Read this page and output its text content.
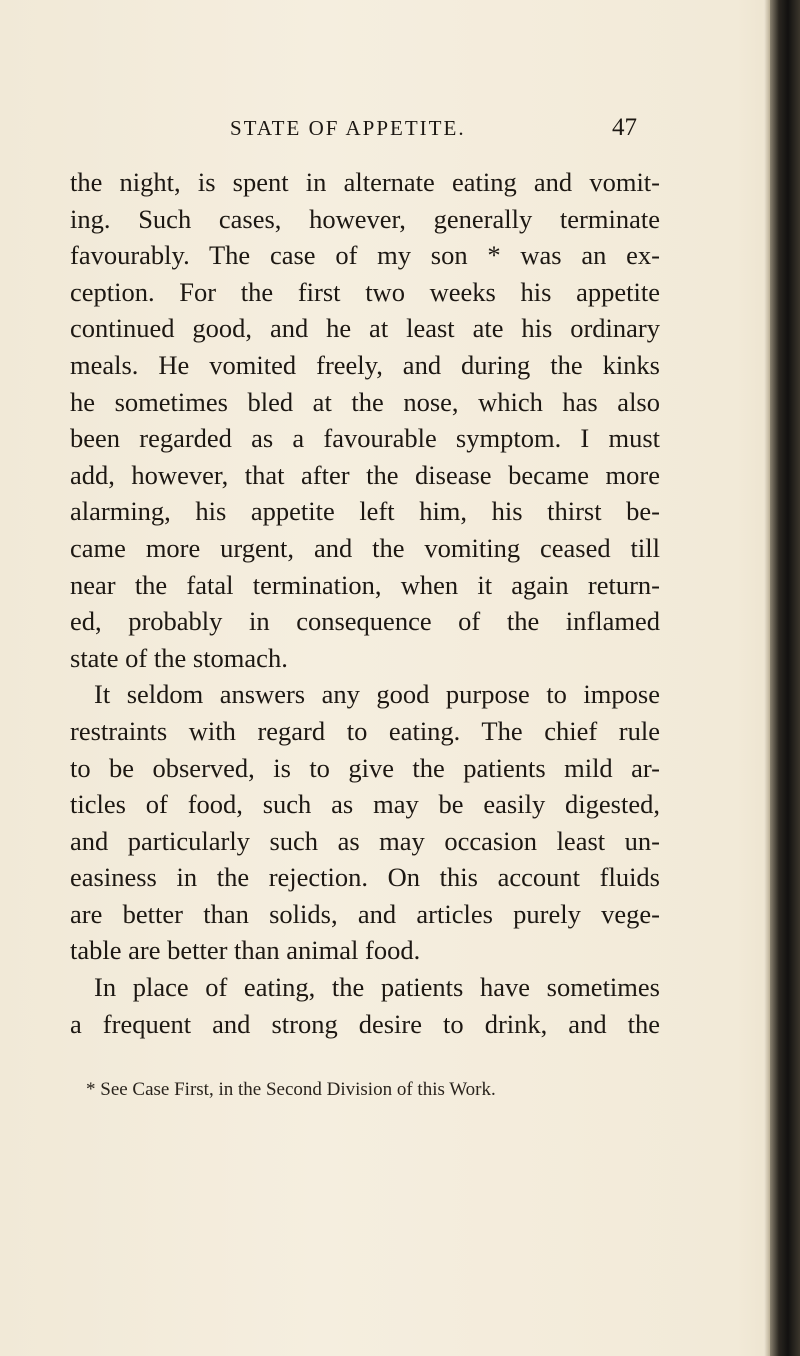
STATE OF APPETITE.	47
the night, is spent in alternate eating and vomit-
ing. Such cases, however, generally terminate
favourably. The case of my son * was an ex-
ception. For the first two weeks his appetite
continued good, and he at least ate his ordinary
meals. He vomited freely, and during the kinks
he sometimes bled at the nose, which has also
been regarded as a favourable symptom. I must
add, however, that after the disease became more
alarming, his appetite left him, his thirst be-
came more urgent, and the vomiting ceased till
near the fatal termination, when it again return-
ed, probably in consequence of the inflamed
state of the stomach.
It seldom answers any good purpose to impose
restraints with regard to eating. The chief rule
to be observed, is to give the patients mild ar-
ticles of food, such as may be easily digested,
and particularly such as may occasion least un-
easiness in the rejection. On this account fluids
are better than solids, and articles purely vege-
table are better than animal food.
In place of eating, the patients have sometimes
a frequent and strong desire to drink, and the
* See Case First, in the Second Division of this Work.
